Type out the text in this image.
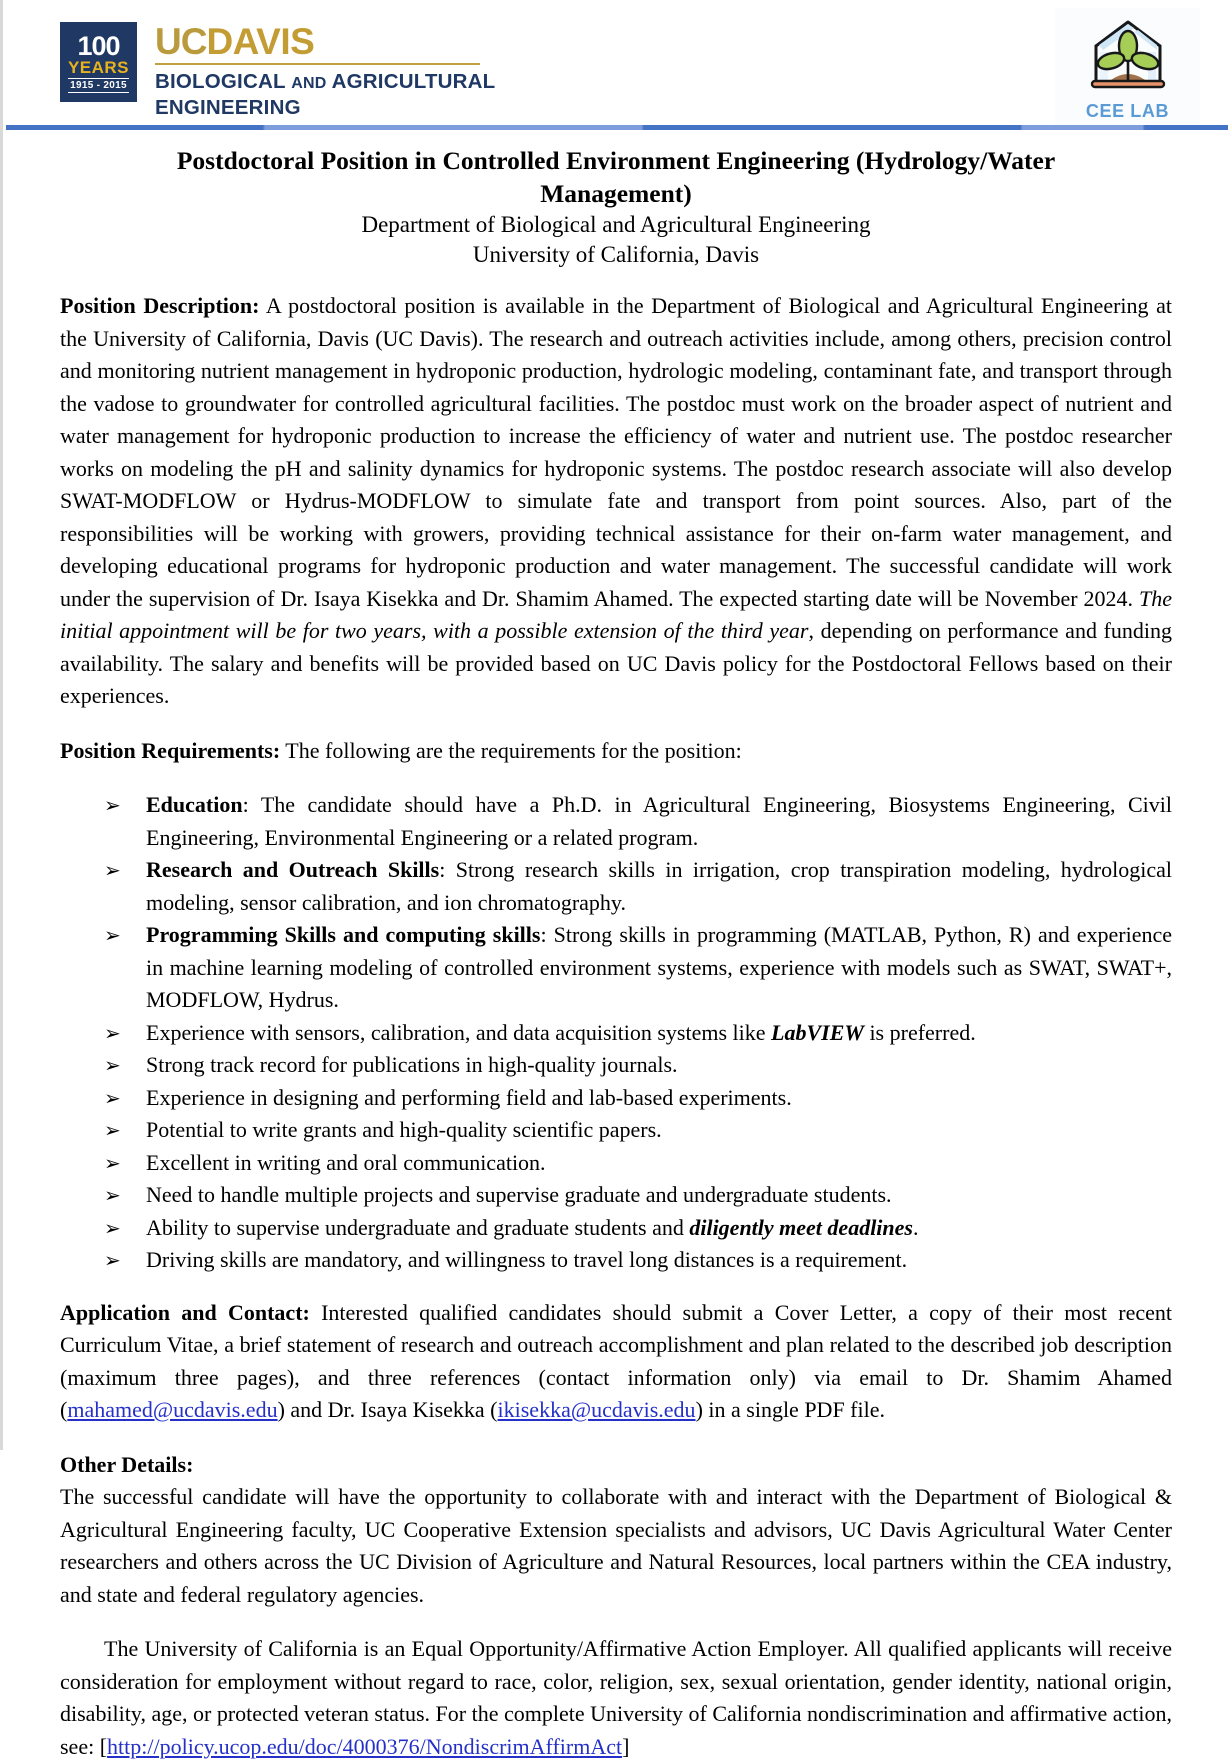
100
YEARS
1915 - 2015
UCDAVIS
BIOLOGICAL AND AGRICULTURAL
ENGINEERING	CEE LAB
Postdoctoral Position in Controlled Environment Engineering (Hydrology/Water Management)
Department of Biological and Agricultural Engineering
University of California, Davis

Position Description: A postdoctoral position is available in the Department of Biological and Agricultural Engineering at the University of California, Davis (UC Davis). The research and outreach activities include, among others, precision control and monitoring nutrient management in hydroponic production, hydrologic modeling, contaminant fate, and transport through the vadose to groundwater for controlled agricultural facilities. The postdoc must work on the broader aspect of nutrient and water management for hydroponic production to increase the efficiency of water and nutrient use. The postdoc researcher works on modeling the pH and salinity dynamics for hydroponic systems. The postdoc research associate will also develop SWAT-MODFLOW or Hydrus-MODFLOW to simulate fate and transport from point sources. Also, part of the responsibilities will be working with growers, providing technical assistance for their on-farm water management, and developing educational programs for hydroponic production and water management. The successful candidate will work under the supervision of Dr. Isaya Kisekka and Dr. Shamim Ahamed. The expected starting date will be November 2024. The initial appointment will be for two years, with a possible extension of the third year, depending on performance and funding availability. The salary and benefits will be provided based on UC Davis policy for the Postdoctoral Fellows based on their experiences.

Position Requirements: The following are the requirements for the position:

➢ Education: The candidate should have a Ph.D. in Agricultural Engineering, Biosystems Engineering, Civil Engineering, Environmental Engineering or a related program.
➢ Research and Outreach Skills: Strong research skills in irrigation, crop transpiration modeling, hydrological modeling, sensor calibration, and ion chromatography.
➢ Programming Skills and computing skills: Strong skills in programming (MATLAB, Python, R) and experience in machine learning modeling of controlled environment systems, experience with models such as SWAT, SWAT+, MODFLOW, Hydrus.
➢ Experience with sensors, calibration, and data acquisition systems like LabVIEW is preferred.
➢ Strong track record for publications in high-quality journals.
➢ Experience in designing and performing field and lab-based experiments.
➢ Potential to write grants and high-quality scientific papers.
➢ Excellent in writing and oral communication.
➢ Need to handle multiple projects and supervise graduate and undergraduate students.
➢ Ability to supervise undergraduate and graduate students and diligently meet deadlines.
➢ Driving skills are mandatory, and willingness to travel long distances is a requirement.

Application and Contact: Interested qualified candidates should submit a Cover Letter, a copy of their most recent Curriculum Vitae, a brief statement of research and outreach accomplishment and plan related to the described job description (maximum three pages), and three references (contact information only) via email to Dr. Shamim Ahamed (mahamed@ucdavis.edu) and Dr. Isaya Kisekka (ikisekka@ucdavis.edu) in a single PDF file.

Other Details:

The successful candidate will have the opportunity to collaborate with and interact with the Department of Biological & Agricultural Engineering faculty, UC Cooperative Extension specialists and advisors, UC Davis Agricultural Water Center researchers and others across the UC Division of Agriculture and Natural Resources, local partners within the CEA industry, and state and federal regulatory agencies.

The University of California is an Equal Opportunity/Affirmative Action Employer. All qualified applicants will receive consideration for employment without regard to race, color, religion, sex, sexual orientation, gender identity, national origin, disability, age, or protected veteran status. For the complete University of California nondiscrimination and affirmative action, see: [http://policy.ucop.edu/doc/4000376/NondiscrimAffirmAct]
